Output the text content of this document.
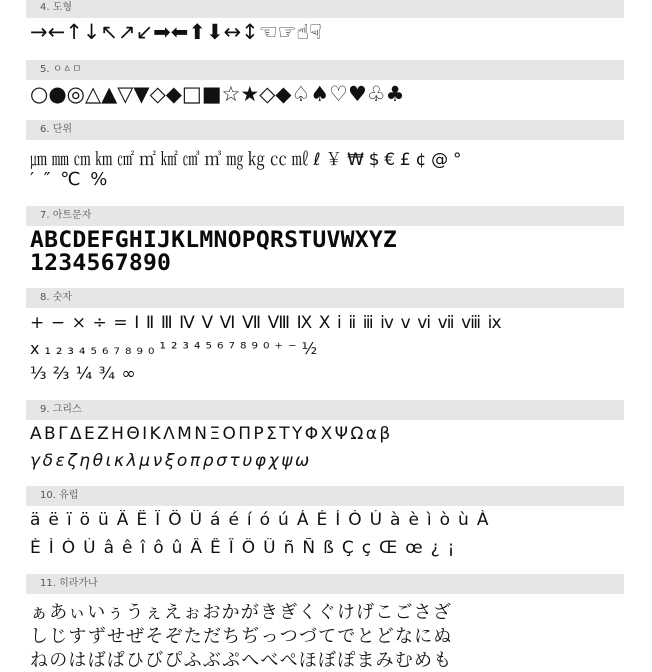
4. 도형
→←↑↓↖↗↙➡⬅⬆⬇↔↕☜☞☝☟
5. ㅇㅿㅁ
○●◎△▲▽▼◇◆□■☆★◇◆♤♠♡♥♧♣
6. 단위
㎛ ㎜ ㎝ ㎞ ㎠ ㎡ ㎢ ㎤ ㎥ ㎎ ㎏ ㏄ ㎖ ℓ ￥ ₩ $ € £ ¢ @ °
′ ″ ℃ %
7. 아트문자
ABCDEFGHIJKLMNOPQRSTUVWXYZ
1234567890
8. 숫자
+ − × ÷ = Ⅰ Ⅱ Ⅲ Ⅳ Ⅴ Ⅵ Ⅶ Ⅷ Ⅸ Ⅹ ⅰ ⅱ ⅲ ⅳ ⅴ ⅵ ⅶ ⅷ ⅸ
ⅹ ₁ ₂ ₃ ₄ ₅ ₆ ₇ ₈ ₉ ₀ ¹ ² ³ ⁴ ⁵ ⁶ ⁷ ⁸ ⁹ ⁰ ⁺ ⁻ ½
⅓ ⅔ ¼ ¾ ∞
9. 그리스
ΑΒΓΔΕΖΗΘΙΚΛΜΝΞΟΠΡΣΤΥΦΧΨΩαβ
γδεζηθικλμνξοπρστυφχψω
10. 유럽
ä ë ï ö ü Ä Ë Ï Ö Ü á é í ó ú Á É Í Ó Ú à è ì ò ù À
È Ì Ò Ù â ê î ô û Â Ê Î Ô Û ñ Ñ ß Ç ç Œ œ ¿ ¡
11. 히라가나
ぁあぃいぅうぇえぉおかがきぎくぐけげこごさざ
しじすずせぜそぞただちぢっつづてでとどなにぬ
ねのはばぱひびぴふぶぷへべぺほぼぽまみむめも
